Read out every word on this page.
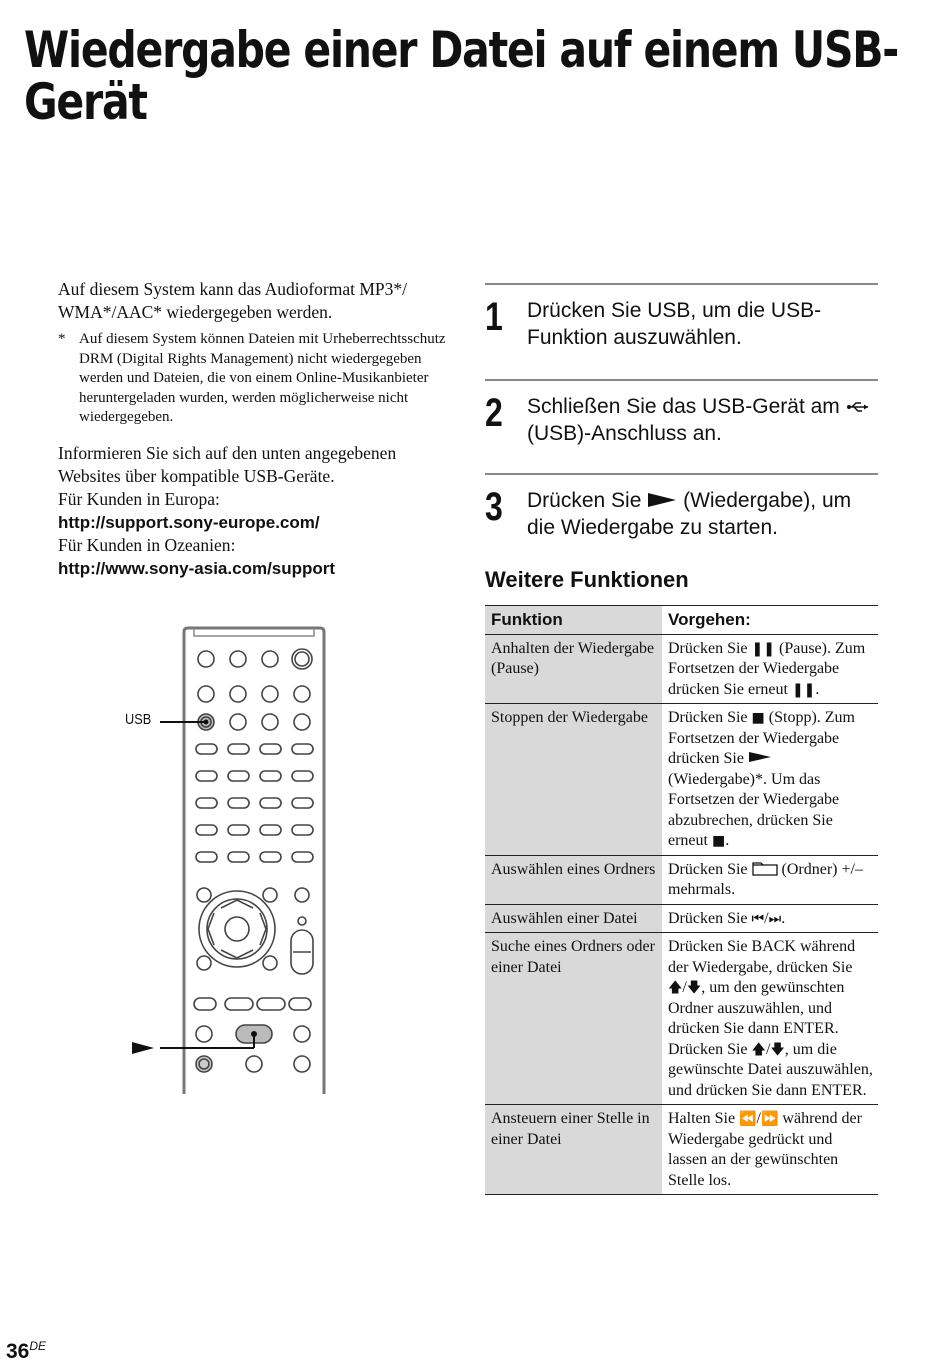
Wiedergabe einer Datei auf einem USB-Gerät

Auf diesem System kann das Audioformat MP3*/ WMA*/AAC* wiedergegeben werden.

* Auf diesem System können Dateien mit Urheberrechtsschutz DRM (Digital Rights Management) nicht wiedergegeben werden und Dateien, die von einem Online-Musikanbieter heruntergeladen wurden, werden möglicherweise nicht wiedergegeben.
Informieren Sie sich auf den unten angegebenen Websites über kompatible USB-Geräte.
Für Kunden in Europa:
http://support.sony-europe.com/
Für Kunden in Ozeanien:
http://www.sony-asia.com/support
USB
1	Drücken Sie USB, um die USB-Funktion auszuwählen.
2	Schließen Sie das USB-Gerät am  (USB)-Anschluss an.
3	Drücken Sie (Wiedergabe), um die Wiedergabe zu starten.
Weitere Funktionen
Funktion	Vorgehen:
Anhalten der Wiedergabe (Pause)	Drücken Sie ❚❚ (Pause). Zum Fortsetzen der Wiedergabe drücken Sie erneut ❚❚.
Stoppen der Wiedergabe	Drücken Sie ■ (Stopp). Zum Fortsetzen der Wiedergabe drücken Sie  (Wiedergabe)*. Um das Fortsetzen der Wiedergabe abzubrechen, drücken Sie erneut ■.
Auswählen eines Ordners	Drücken Sie (Ordner) +/– mehrmals.
Auswählen einer Datei	Drücken Sie ⏮/⏭.
Suche eines Ordners oder einer Datei	Drücken Sie BACK während der Wiedergabe, drücken Sie 🡅/🡇, um den gewünschten Ordner auszuwählen, und drücken Sie dann ENTER. Drücken Sie 🡅/🡇, um die gewünschte Datei auszuwählen, und drücken Sie dann ENTER.
Ansteuern einer Stelle in einer Datei	Halten Sie ⏪/⏩ während der Wiedergabe gedrückt und lassen an der gewünschten Stelle los.
36DE
